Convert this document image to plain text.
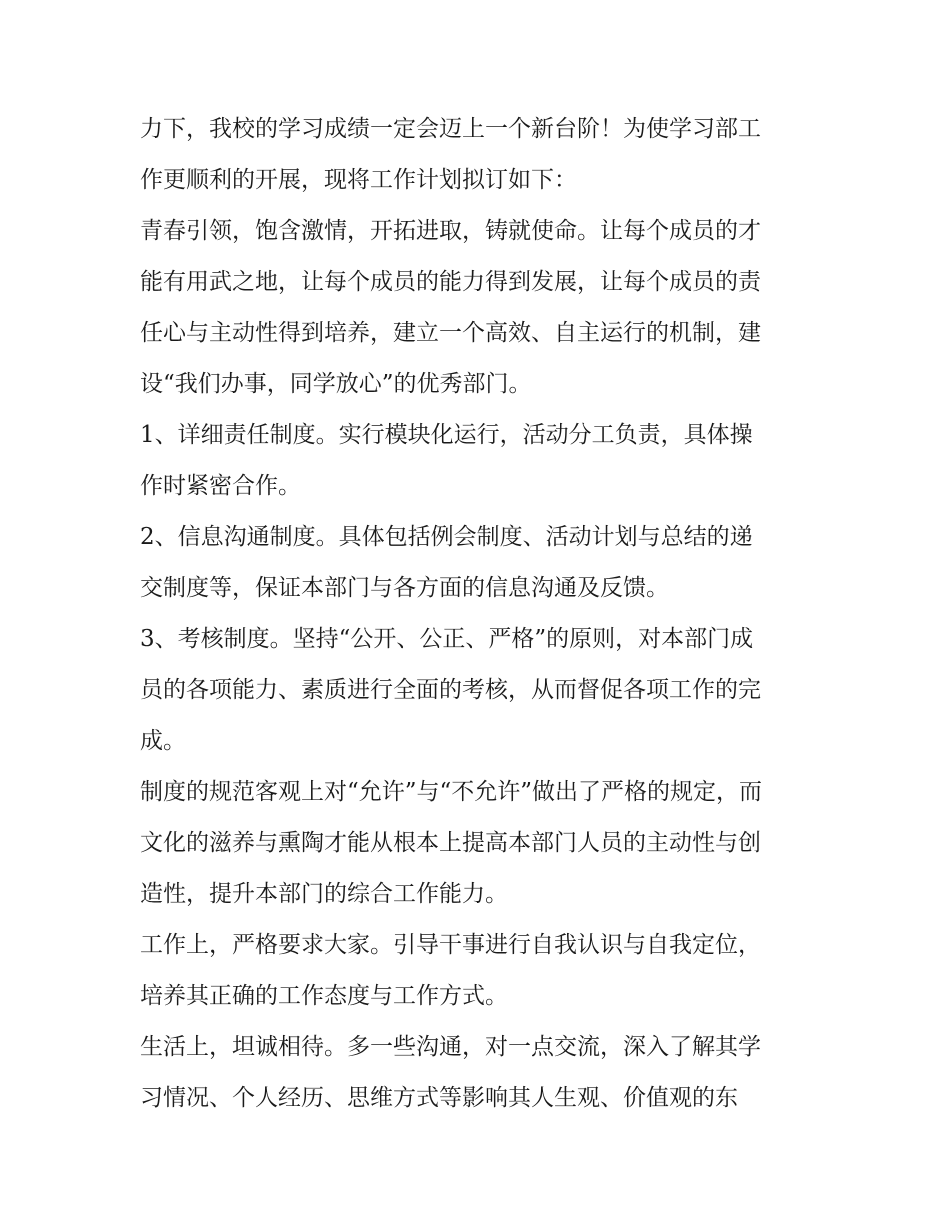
力下，我校的学习成绩一定会迈上一个新台阶！为使学习部工
作更顺利的开展，现将工作计划拟订如下：

青春引领，饱含激情，开拓进取，铸就使命。让每个成员的才
能有用武之地，让每个成员的能力得到发展，让每个成员的责
任心与主动性得到培养，建立一个高效、自主运行的机制，建
设“我们办事，同学放心”的优秀部门。

1、详细责任制度。实行模块化运行，活动分工负责，具体操
作时紧密合作。

2、信息沟通制度。具体包括例会制度、活动计划与总结的递
交制度等，保证本部门与各方面的信息沟通及反馈。

3、考核制度。坚持“公开、公正、严格”的原则，对本部门成
员的各项能力、素质进行全面的考核，从而督促各项工作的完
成。

制度的规范客观上对“允许”与“不允许”做出了严格的规定，而
文化的滋养与熏陶才能从根本上提高本部门人员的主动性与创
造性，提升本部门的综合工作能力。

工作上，严格要求大家。引导干事进行自我认识与自我定位，
培养其正确的工作态度与工作方式。

生活上，坦诚相待。多一些沟通，对一点交流，深入了解其学
习情况、个人经历、思维方式等影响其人生观、价值观的东
